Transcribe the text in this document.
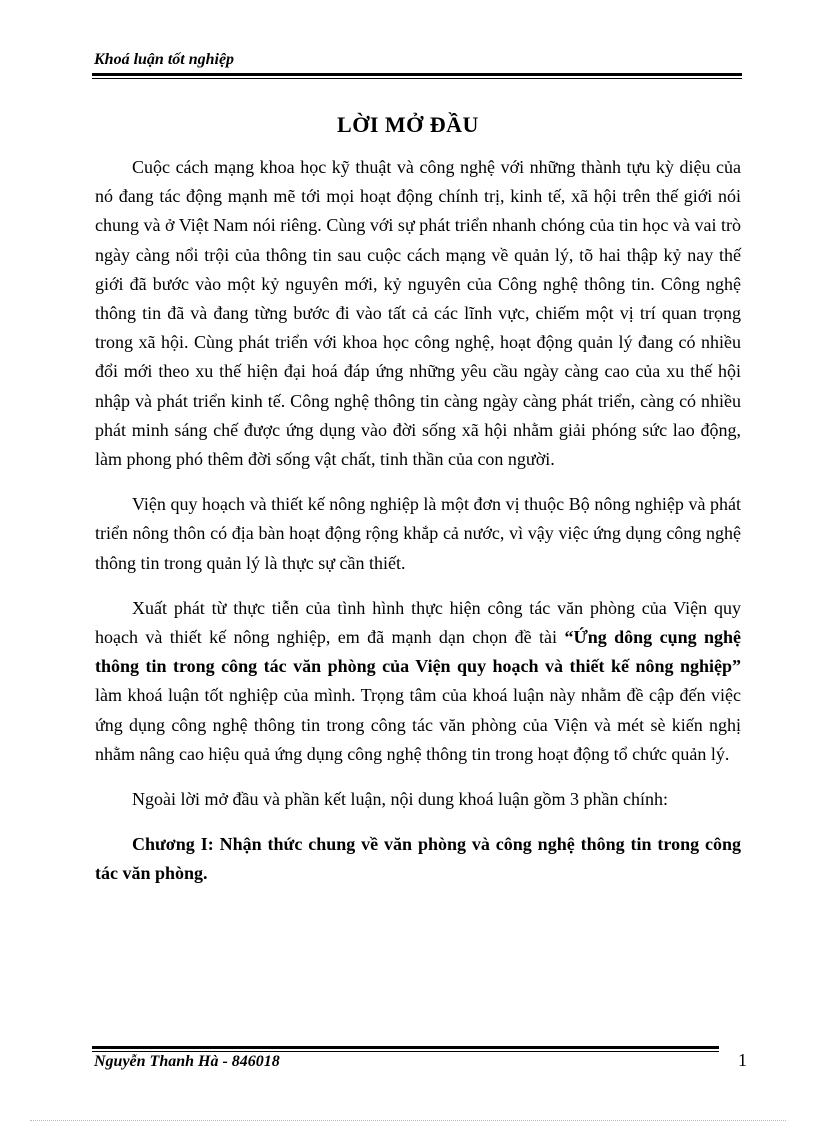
Khoá luận tốt nghiệp
LỜI MỞ ĐẦU

Cuộc cách mạng khoa học kỹ thuật và công nghệ với những thành tựu kỳ diệu của nó đang tác động mạnh mẽ tới mọi hoạt động chính trị, kinh tế, xã hội trên thế giới nói chung và ở Việt Nam nói riêng. Cùng với sự phát triển nhanh chóng của tin học và vai trò ngày càng nổi trội của thông tin sau cuộc cách mạng về quản lý, tõ hai thập kỷ nay thế giới đã bước vào một kỷ nguyên mới, kỷ nguyên của Công nghệ thông tin. Công nghệ thông tin đã và đang từng bước đi vào tất cả các lĩnh vực, chiếm một vị trí quan trọng trong xã hội. Cùng phát triển với khoa học công nghệ, hoạt động quản lý đang có nhiều đổi mới theo xu thế hiện đại hoá đáp ứng những yêu cầu ngày càng cao của xu thế hội nhập và phát triển kinh tế. Công nghệ thông tin càng ngày càng phát triển, càng có nhiều phát minh sáng chế được ứng dụng vào đời sống xã hội nhằm giải phóng sức lao động, làm phong phó thêm đời sống vật chất, tinh thần của con người.

Viện quy hoạch và thiết kế nông nghiệp là một đơn vị thuộc Bộ nông nghiệp và phát triển nông thôn có địa bàn hoạt động rộng khắp cả nước, vì vậy việc ứng dụng công nghệ thông tin trong quản lý là thực sự cần thiết.

Xuất phát từ thực tiễn của tình hình thực hiện công tác văn phòng của Viện quy hoạch và thiết kế nông nghiệp, em đã mạnh dạn chọn đề tài “Ứng dông cụng nghệ thông tin trong công tác văn phòng của Viện quy hoạch và thiết kế nông nghiệp” làm khoá luận tốt nghiệp của mình. Trọng tâm của khoá luận này nhằm đề cập đến việc ứng dụng công nghệ thông tin trong công tác văn phòng của Viện và mét sè kiến nghị nhằm nâng cao hiệu quả ứng dụng công nghệ thông tin trong hoạt động tổ chức quản lý.

Ngoài lời mở đầu và phần kết luận, nội dung khoá luận gồm 3 phần chính:

Chương I: Nhận thức chung về văn phòng và công nghệ thông tin trong công tác văn phòng.

Nguyễn Thanh Hà - 846018	1
